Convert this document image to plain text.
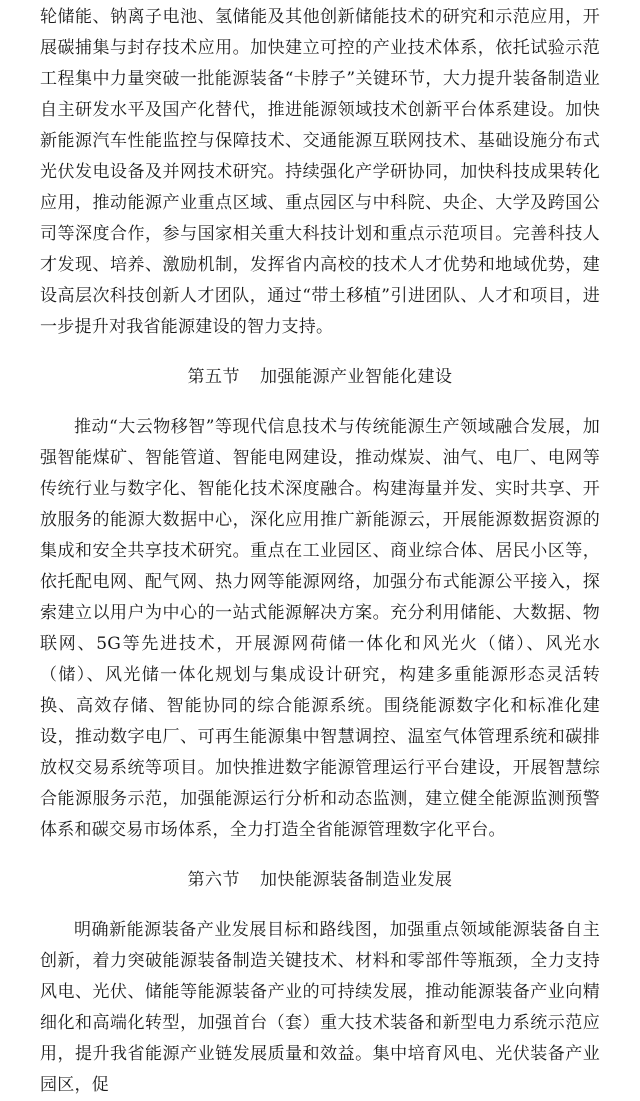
轮储能、钠离子电池、氢储能及其他创新储能技术的研究和示范应用，开展碳捕集与封存技术应用。加快建立可控的产业技术体系，依托试验示范工程集中力量突破一批能源装备“卡脖子”关键环节，大力提升装备制造业自主研发水平及国产化替代，推进能源领域技术创新平台体系建设。加快新能源汽车性能监控与保障技术、交通能源互联网技术、基础设施分布式光伏发电设备及并网技术研究。持续强化产学研协同，加快科技成果转化应用，推动能源产业重点区域、重点园区与中科院、央企、大学及跨国公司等深度合作，参与国家相关重大科技计划和重点示范项目。完善科技人才发现、培养、激励机制，发挥省内高校的技术人才优势和地域优势，建设高层次科技创新人才团队，通过“带土移植”引进团队、人才和项目，进一步提升对我省能源建设的智力支持。

第五节 加强能源产业智能化建设

推动“大云物移智”等现代信息技术与传统能源生产领域融合发展，加强智能煤矿、智能管道、智能电网建设，推动煤炭、油气、电厂、电网等传统行业与数字化、智能化技术深度融合。构建海量并发、实时共享、开放服务的能源大数据中心，深化应用推广新能源云，开展能源数据资源的集成和安全共享技术研究。重点在工业园区、商业综合体、居民小区等，依托配电网、配气网、热力网等能源网络，加强分布式能源公平接入，探索建立以用户为中心的一站式能源解决方案。充分利用储能、大数据、物联网、5G等先进技术，开展源网荷储一体化和风光火（储）、风光水（储）、风光储一体化规划与集成设计研究，构建多重能源形态灵活转换、高效存储、智能协同的综合能源系统。围绕能源数字化和标准化建设，推动数字电厂、可再生能源集中智慧调控、温室气体管理系统和碳排放权交易系统等项目。加快推进数字能源管理运行平台建设，开展智慧综合能源服务示范，加强能源运行分析和动态监测，建立健全能源监测预警体系和碳交易市场体系，全力打造全省能源管理数字化平台。

第六节 加快能源装备制造业发展

明确新能源装备产业发展目标和路线图，加强重点领域能源装备自主创新，着力突破能源装备制造关键技术、材料和零部件等瓶颈，全力支持风电、光伏、储能等能源装备产业的可持续发展，推动能源装备产业向精细化和高端化转型，加强首台（套）重大技术装备和新型电力系统示范应用，提升我省能源产业链发展质量和效益。集中培育风电、光伏装备产业园区，促
